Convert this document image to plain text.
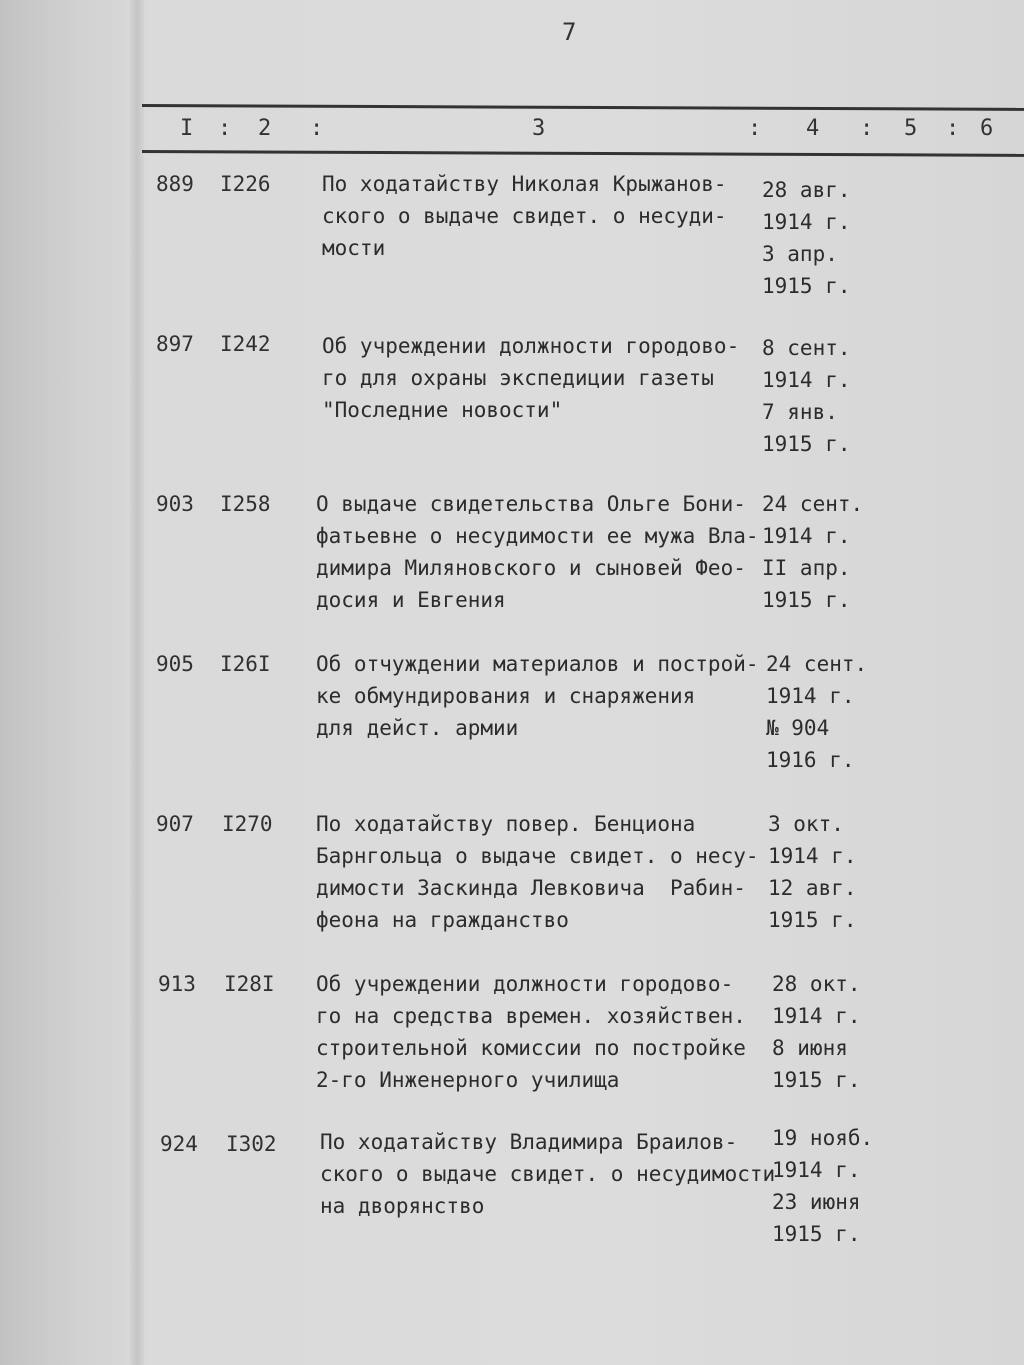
7
I : 2 :	3	: 4 : 5 : 6
889 I226 По ходатайству Николая Крыжанов-
ского о выдаче свидет. о несуди-
мости
28 авг.
1914 г.
3 апр.
1915 г.
897 I242 Об учреждении должности городово-
го для охраны экспедиции газеты
"Последние новости"
8 сент.
1914 г.
7 янв.
1915 г.
903 I258 О выдаче свидетельства Ольге Бони-
фатьевне о несудимости ее мужа Вла-
димира Миляновского и сыновей Фео-
досия и Евгения
24 сент.
1914 г.
II апр.
1915 г.
905 I26I Об отчуждении материалов и построй-
ке обмундирования и снаряжения
для дейст. армии
24 сент.
1914 г.
№ 904
1916 г.
907 I270 По ходатайству повер. Бенциона
Барнгольца о выдаче свидет. о несу-
димости Заскинда Левковича  Рабин-
феона на гражданство
3 окт.
1914 г.
12 авг.
1915 г.
913 I28I Об учреждении должности городово-
го на средства времен. хозяйствен.
строительной комиссии по постройке
2-го Инженерного училища
28 окт.
1914 г.
8 июня
1915 г.
924 I302 По ходатайству Владимира Браилов-
ского о выдаче свидет. о несудимости
на дворянство
19 нояб.
1914 г.
23 июня
1915 г.
